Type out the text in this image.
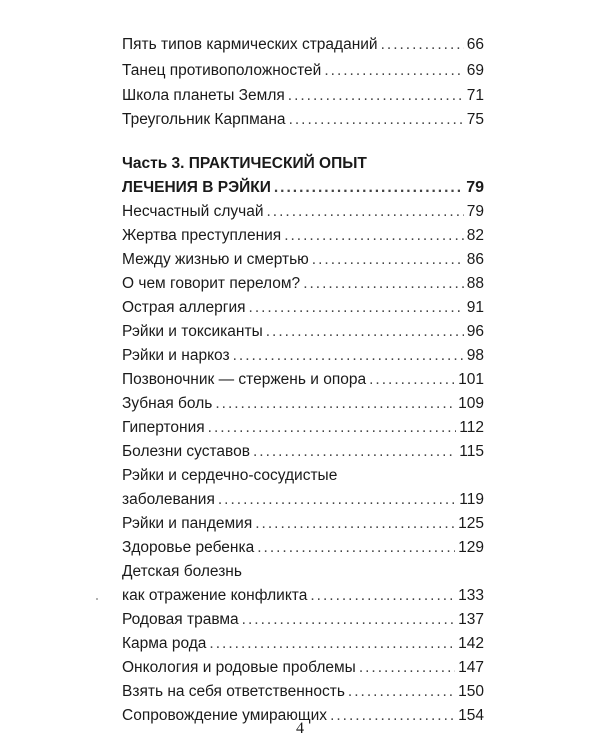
Пять типов кармических страданий .....	66
Танец противоположностей .....	69
Школа планеты Земля .....	71
Треугольник Карпмана .....	75
Часть 3. ПРАКТИЧЕСКИЙ ОПЫТ
ЛЕЧЕНИЯ В РЭЙКИ .....	79
Несчастный случай .....	79
Жертва преступления .....	82
Между жизнью и смертью .....	86
О чем говорит перелом? .....	88
Острая аллергия .....	91
Рэйки и токсиканты .....	96
Рэйки и наркоз .....	98
Позвоночник — стержень и опора .....	101
Зубная боль .....	109
Гипертония .....	112
Болезни суставов .....	115
Рэйки и сердечно-сосудистые
заболевания .....	119
Рэйки и пандемия .....	125
Здоровье ребенка .....	129
Детская болезнь
как отражение конфликта .....	133
Родовая травма .....	137
Карма рода .....	142
Онкология и родовые проблемы .....	147
Взять на себя ответственность .....	150
Сопровождение умирающих .....	154
4
